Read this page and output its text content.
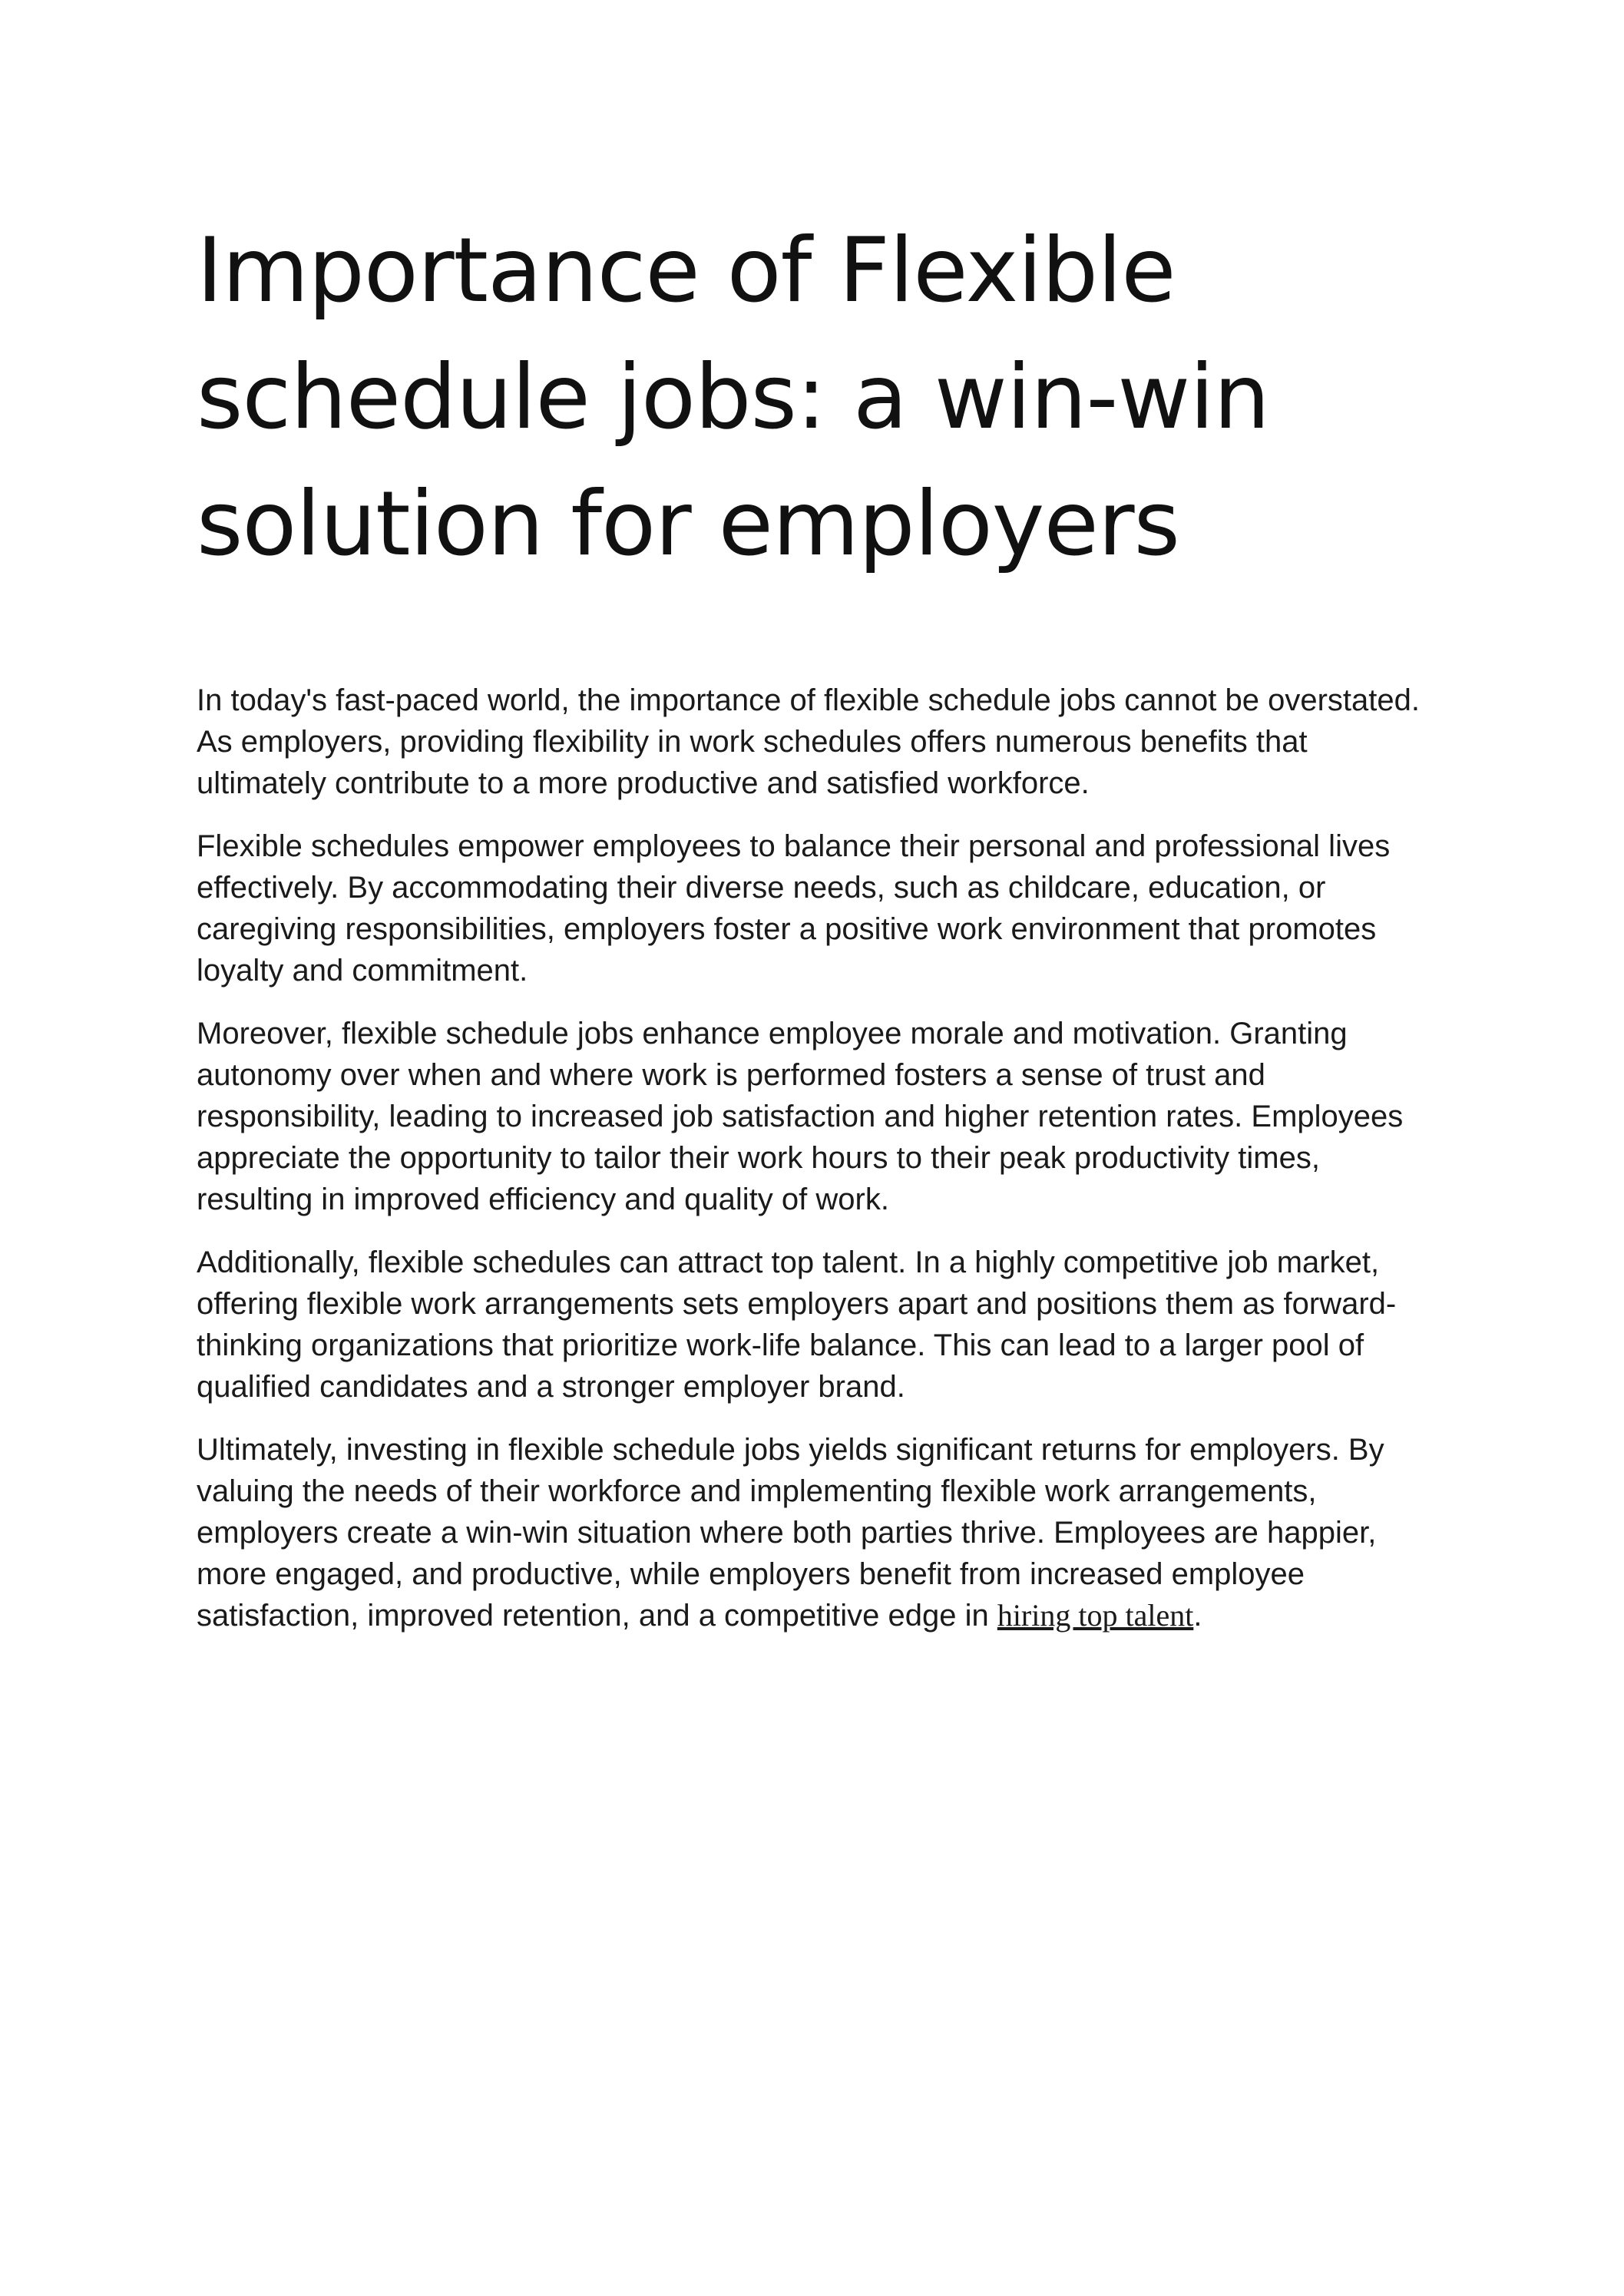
Importance of Flexible schedule jobs: a win-win solution for employers

In today's fast-paced world, the importance of flexible schedule jobs cannot be overstated. As employers, providing flexibility in work schedules offers numerous benefits that ultimately contribute to a more productive and satisfied workforce.

Flexible schedules empower employees to balance their personal and professional lives effectively. By accommodating their diverse needs, such as childcare, education, or caregiving responsibilities, employers foster a positive work environment that promotes loyalty and commitment.

Moreover, flexible schedule jobs enhance employee morale and motivation. Granting autonomy over when and where work is performed fosters a sense of trust and responsibility, leading to increased job satisfaction and higher retention rates. Employees appreciate the opportunity to tailor their work hours to their peak productivity times, resulting in improved efficiency and quality of work.

Additionally, flexible schedules can attract top talent. In a highly competitive job market, offering flexible work arrangements sets employers apart and positions them as forward-thinking organizations that prioritize work-life balance. This can lead to a larger pool of qualified candidates and a stronger employer brand.

Ultimately, investing in flexible schedule jobs yields significant returns for employers. By valuing the needs of their workforce and implementing flexible work arrangements, employers create a win-win situation where both parties thrive. Employees are happier, more engaged, and productive, while employers benefit from increased employee satisfaction, improved retention, and a competitive edge in hiring top talent.
